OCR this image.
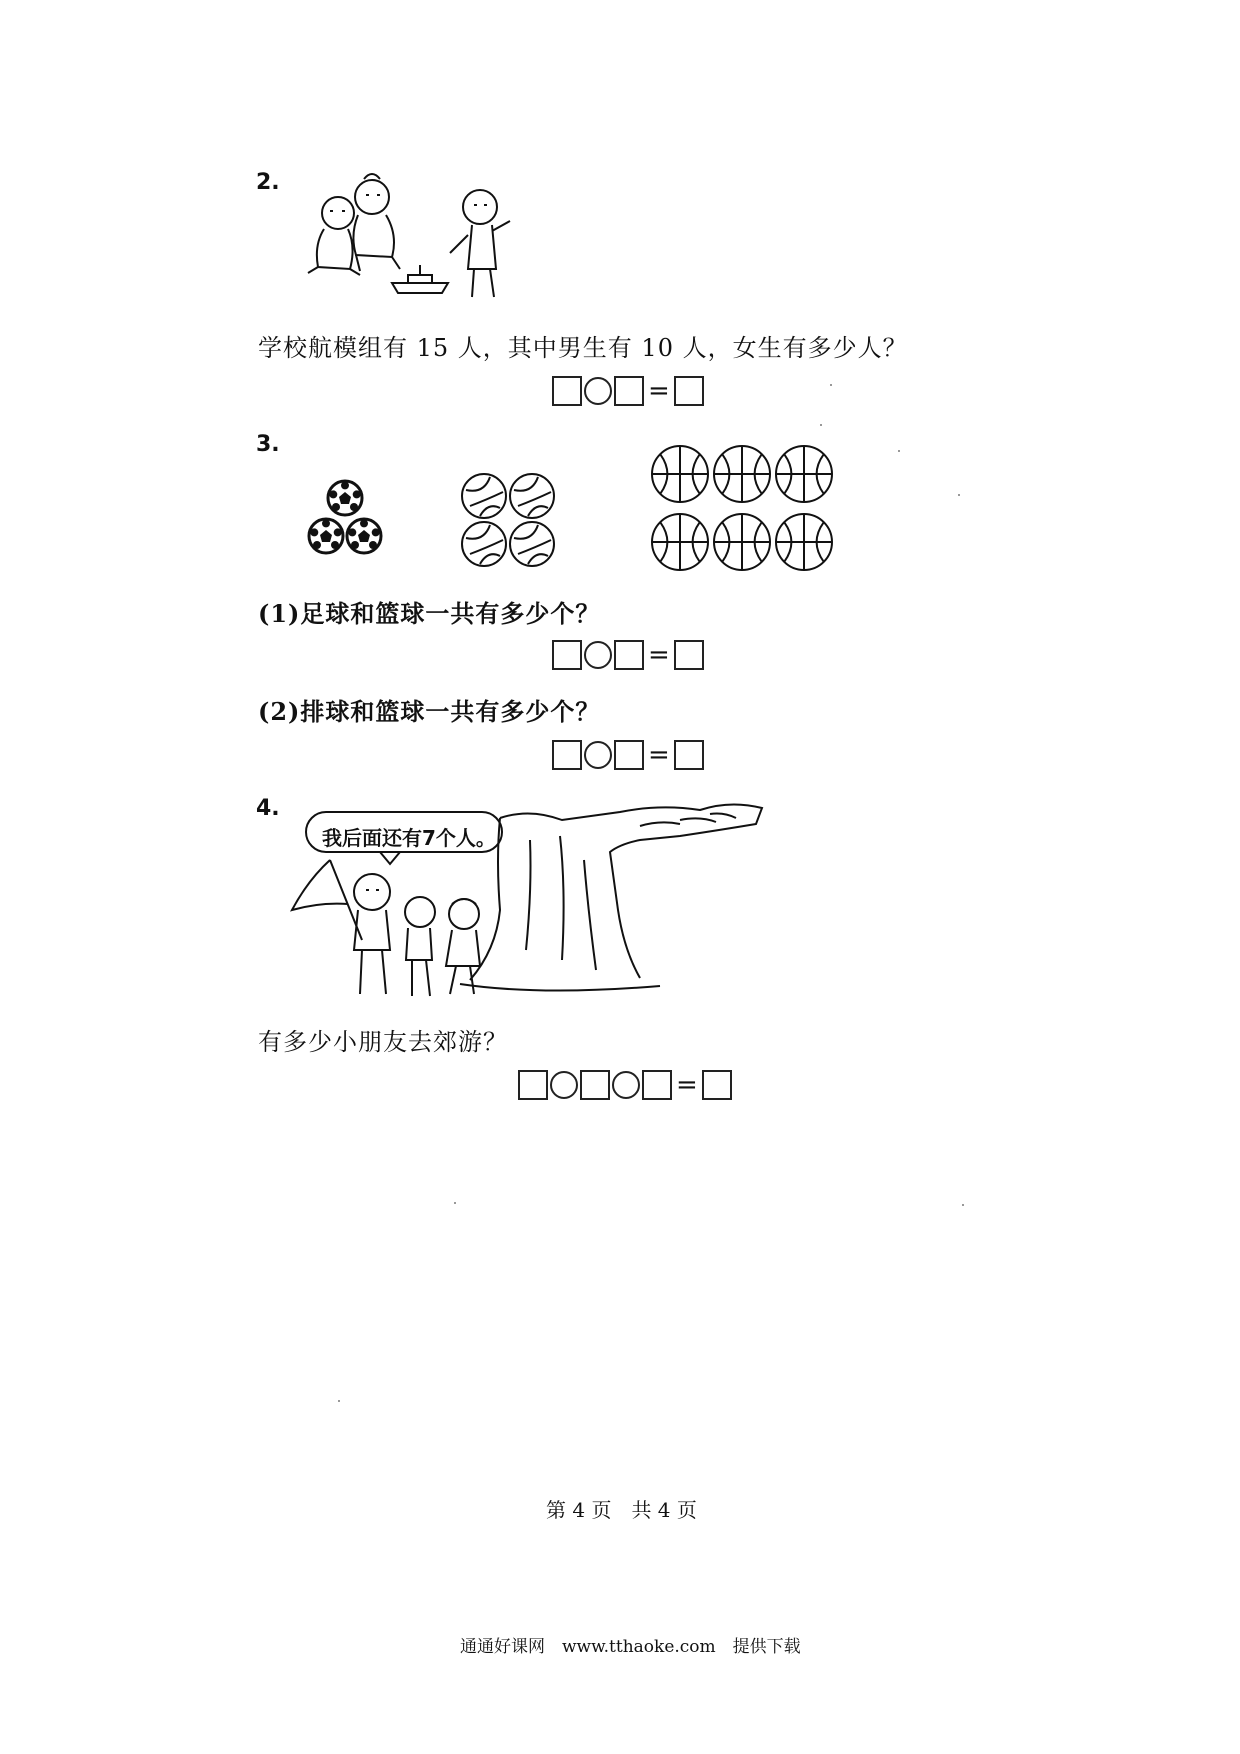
2.
学校航模组有 15 人，其中男生有 10 人，女生有多少人？
=
3.
(1)足球和篮球一共有多少个？
=
(2)排球和篮球一共有多少个？
=
4.
我后面还有7个人。
有多少小朋友去郊游？
=
第 4 页　共 4 页
通通好课网　www.tthaoke.com　提供下载
